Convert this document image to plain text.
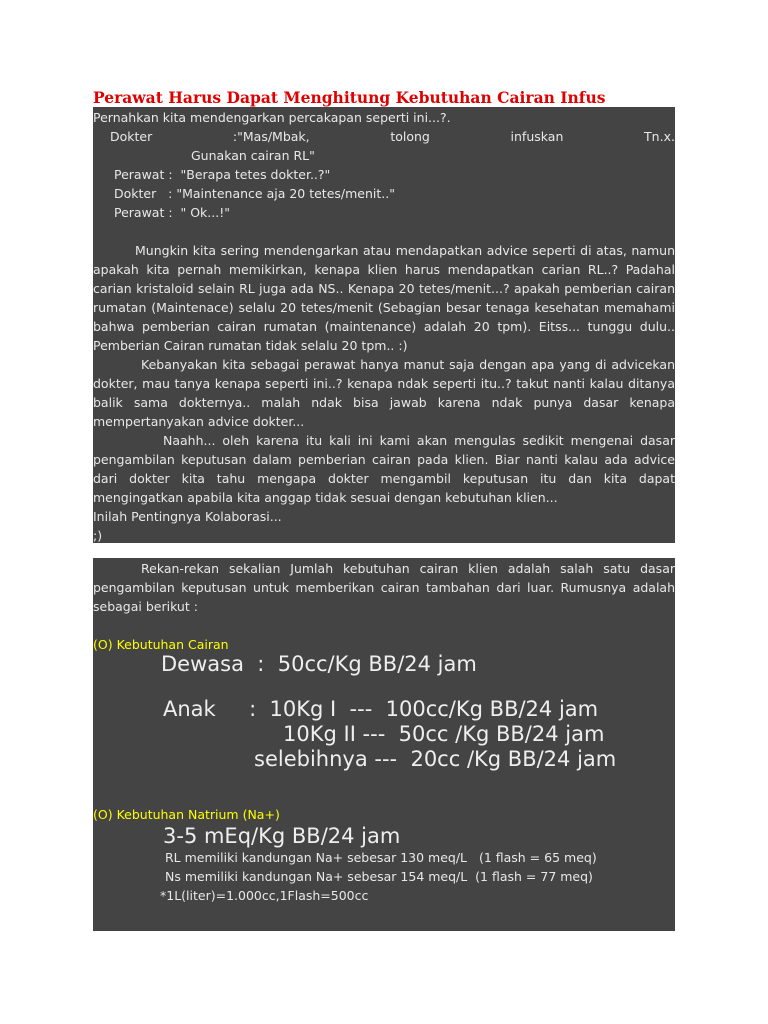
Perawat Harus Dapat Menghitung Kebutuhan Cairan Infus
Pernahkan kita mendengarkan percakapan seperti ini...?.
Dokter	:"Mas/Mbak,	tolong	infuskan	Tn.x.
Gunakan cairan RL"
Perawat :  "Berapa tetes dokter..?"
Dokter   : "Maintenance aja 20 tetes/menit.."
Perawat :  " Ok...!"
Mungkin kita sering mendengarkan atau mendapatkan advice seperti di atas, namun apakah kita pernah memikirkan, kenapa klien harus mendapatkan carian RL..? Padahal carian kristaloid selain RL juga ada NS.. Kenapa 20 tetes/menit...? apakah pemberian cairan rumatan (Maintenace) selalu 20 tetes/menit (Sebagian besar tenaga kesehatan memahami bahwa pemberian cairan rumatan (maintenance) adalah 20 tpm). Eitss... tunggu dulu.. Pemberian Cairan rumatan tidak selalu 20 tpm.. :)
Kebanyakan kita sebagai perawat hanya manut saja dengan apa yang di advicekan dokter, mau tanya kenapa seperti ini..? kenapa ndak seperti itu..? takut nanti kalau ditanya balik sama dokternya.. malah ndak bisa jawab karena ndak punya dasar kenapa mempertanyakan advice dokter...
Naahh... oleh karena itu kali ini kami akan mengulas sedikit mengenai dasar pengambilan keputusan dalam pemberian cairan pada klien. Biar nanti kalau ada advice dari dokter kita tahu mengapa dokter mengambil keputusan itu dan kita dapat mengingatkan apabila kita anggap tidak sesuai dengan kebutuhan klien...
Inilah Pentingnya Kolaborasi...
;)
Rekan-rekan sekalian Jumlah kebutuhan cairan klien adalah salah satu dasar pengambilan keputusan untuk memberikan cairan tambahan dari luar. Rumusnya adalah sebagai berikut :
(O) Kebutuhan Cairan
Dewasa  :  50cc/Kg BB/24 jam
Anak     :  10Kg I  ---  100cc/Kg BB/24 jam
10Kg II ---  50cc /Kg BB/24 jam
selebihnya ---  20cc /Kg BB/24 jam
(O) Kebutuhan Natrium (Na+)
3-5 mEq/Kg BB/24 jam
RL memiliki kandungan Na+ sebesar 130 meq/L   (1 flash = 65 meq)
Ns memiliki kandungan Na+ sebesar 154 meq/L  (1 flash = 77 meq)
*1L(liter)=1.000cc,1Flash=500cc
